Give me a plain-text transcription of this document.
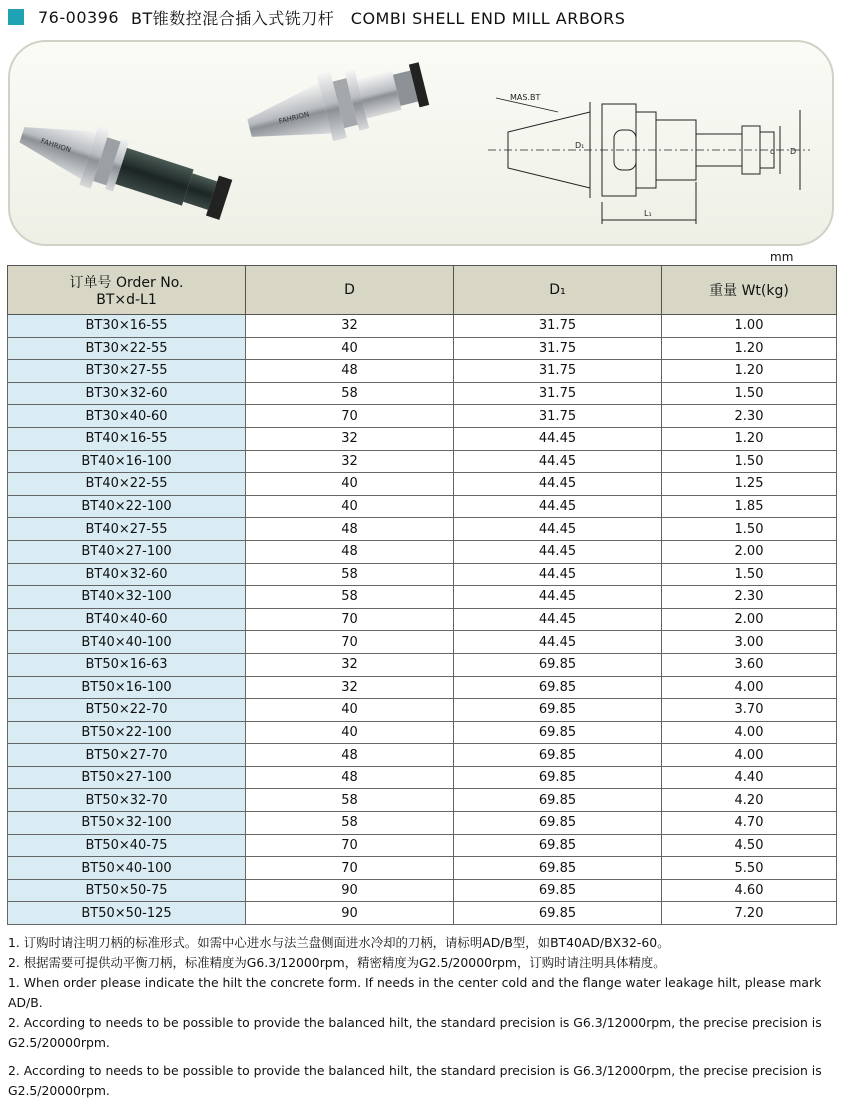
76-00396 BT锥数控混合插入式铣刀杆　COMBI SHELL END MILL ARBORS
FAHRION
FAHRION
MAS.BT
D₁
d D
L₁
mm
订单号 Order No.
BT×d-L1	D	D₁	重量 Wt(kg)
BT30×16-55	32	31.75	1.00
BT30×22-55	40	31.75	1.20
BT30×27-55	48	31.75	1.20
BT30×32-60	58	31.75	1.50
BT30×40-60	70	31.75	2.30
BT40×16-55	32	44.45	1.20
BT40×16-100	32	44.45	1.50
BT40×22-55	40	44.45	1.25
BT40×22-100	40	44.45	1.85
BT40×27-55	48	44.45	1.50
BT40×27-100	48	44.45	2.00
BT40×32-60	58	44.45	1.50
BT40×32-100	58	44.45	2.30
BT40×40-60	70	44.45	2.00
BT40×40-100	70	44.45	3.00
BT50×16-63	32	69.85	3.60
BT50×16-100	32	69.85	4.00
BT50×22-70	40	69.85	3.70
BT50×22-100	40	69.85	4.00
BT50×27-70	48	69.85	4.00
BT50×27-100	48	69.85	4.40
BT50×32-70	58	69.85	4.20
BT50×32-100	58	69.85	4.70
BT50×40-75	70	69.85	4.50
BT50×40-100	70	69.85	5.50
BT50×50-75	90	69.85	4.60
BT50×50-125	90	69.85	7.20

1. 订购时请注明刀柄的标准形式。如需中心进水与法兰盘侧面进水冷却的刀柄，请标明AD/B型，如BT40AD/BX32-60。

2. 根据需要可提供动平衡刀柄，标准精度为G6.3/12000rpm，精密精度为G2.5/20000rpm，订购时请注明具体精度。

1. When order please indicate the hilt the concrete form. If needs in the center cold and the flange water leakage hilt, please mark AD/B.

2. According to needs to be possible to provide the balanced hilt, the standard precision is G6.3/12000rpm, the precise precision is G2.5/20000rpm.

2. According to needs to be possible to provide the balanced hilt, the standard precision is G6.3/12000rpm, the precise precision is G2.5/20000rpm.
